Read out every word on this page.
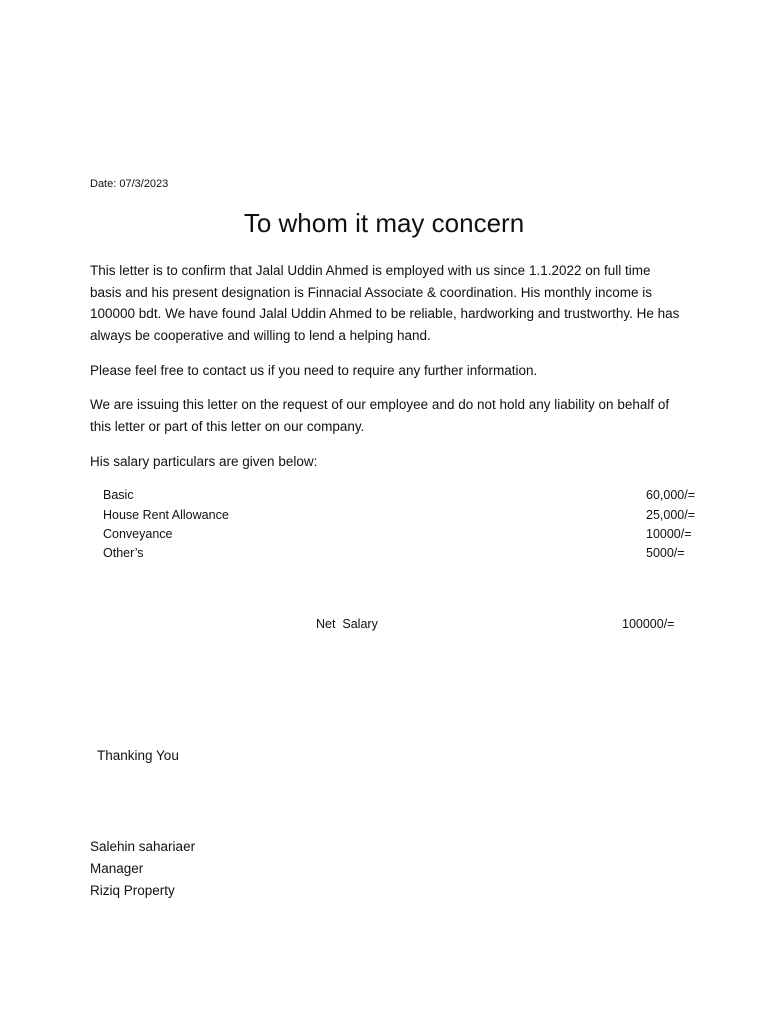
Date: 07/3/2023
To whom it may concern

This letter is to confirm that Jalal Uddin Ahmed is employed with us since 1.1.2022 on full time basis and his present designation is Finnacial Associate & coordination. His monthly income is 100000 bdt. We have found Jalal Uddin Ahmed to be reliable, hardworking and trustworthy. He has always be cooperative and willing to lend a helping hand.

Please feel free to contact us if you need to require any further information.

We are issuing this letter on the request of our employee and do not hold any liability on behalf of this letter or part of this letter on our company.

His salary particulars are given below:

Basic	60,000/=
House Rent Allowance	25,000/=
Conveyance	10000/=
Other’s	5000/=
Net  Salary	100000/=
Thanking You
Salehin sahariaer
Manager
Riziq Property
